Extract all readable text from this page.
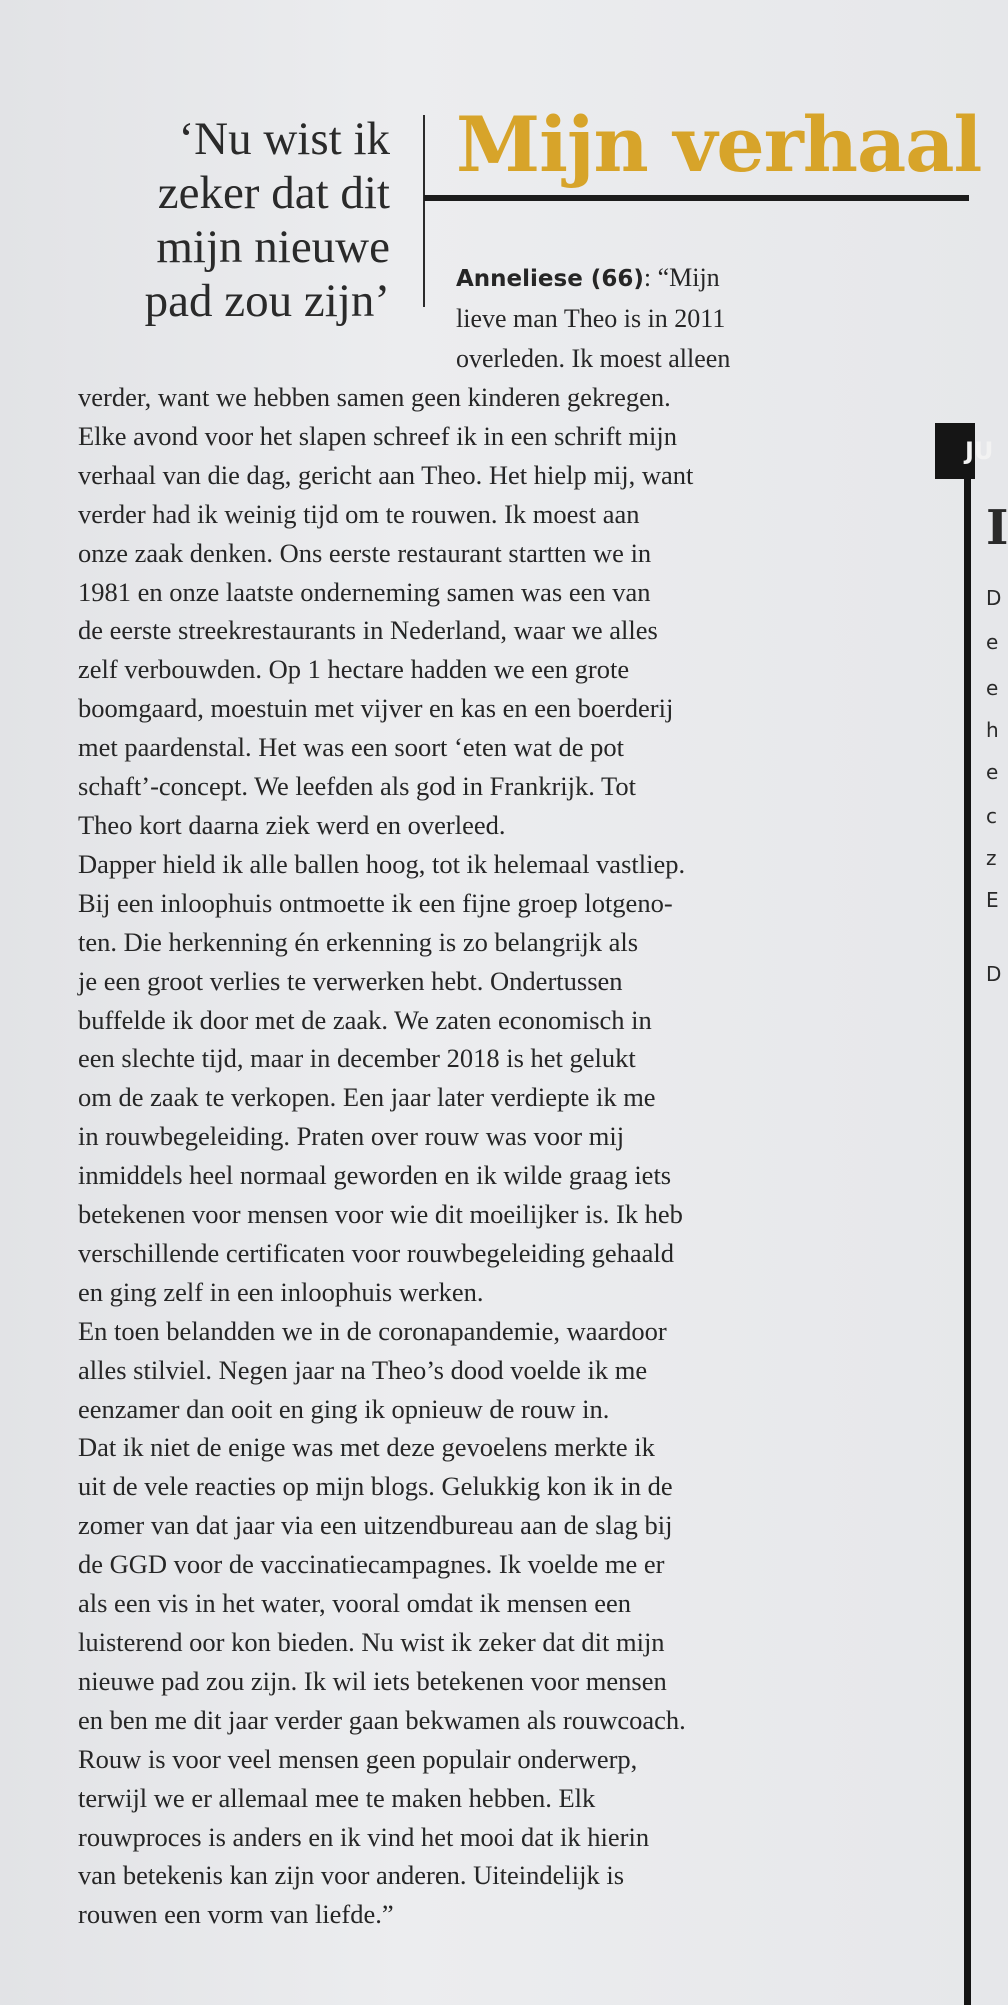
‘Nu wist ik
zeker dat dit
mijn nieuwe
pad zou zijn’
Mijn verhaal
Anneliese (66): “Mijn
lieve man Theo is in 2011
overleden. Ik moest alleen
verder, want we hebben samen geen kinderen gekregen.
Elke avond voor het slapen schreef ik in een schrift mijn
verhaal van die dag, gericht aan Theo. Het hielp mij, want
verder had ik weinig tijd om te rouwen. Ik moest aan
onze zaak denken. Ons eerste restaurant startten we in
1981 en onze laatste onderneming samen was een van
de eerste streekrestaurants in Nederland, waar we alles
zelf verbouwden. Op 1 hectare hadden we een grote
boomgaard, moestuin met vijver en kas en een boerderij
met paardenstal. Het was een soort ‘eten wat de pot
schaft’-concept. We leefden als god in Frankrijk. Tot
Theo kort daarna ziek werd en overleed.
Dapper hield ik alle ballen hoog, tot ik helemaal vastliep.
Bij een inloophuis ontmoette ik een fijne groep lotgeno-
ten. Die herkenning én erkenning is zo belangrijk als
je een groot verlies te verwerken hebt. Ondertussen
buffelde ik door met de zaak. We zaten economisch in
een slechte tijd, maar in december 2018 is het gelukt
om de zaak te verkopen. Een jaar later verdiepte ik me
in rouwbegeleiding. Praten over rouw was voor mij
inmiddels heel normaal geworden en ik wilde graag iets
betekenen voor mensen voor wie dit moeilijker is. Ik heb
verschillende certificaten voor rouwbegeleiding gehaald
en ging zelf in een inloophuis werken.
En toen belandden we in de coronapandemie, waardoor
alles stilviel. Negen jaar na Theo’s dood voelde ik me
eenzamer dan ooit en ging ik opnieuw de rouw in.
Dat ik niet de enige was met deze gevoelens merkte ik
uit de vele reacties op mijn blogs. Gelukkig kon ik in de
zomer van dat jaar via een uitzendbureau aan de slag bij
de GGD voor de vaccinatiecampagnes. Ik voelde me er
als een vis in het water, vooral omdat ik mensen een
luisterend oor kon bieden. Nu wist ik zeker dat dit mijn
nieuwe pad zou zijn. Ik wil iets betekenen voor mensen
en ben me dit jaar verder gaan bekwamen als rouwcoach.
Rouw is voor veel mensen geen populair onderwerp,
terwijl we er allemaal mee te maken hebben. Elk
rouwproces is anders en ik vind het mooi dat ik hierin
van betekenis kan zijn voor anderen. Uiteindelijk is
rouwen een vorm van liefde.”
JU
I
D
e
e
h
e
c
z
E
D
